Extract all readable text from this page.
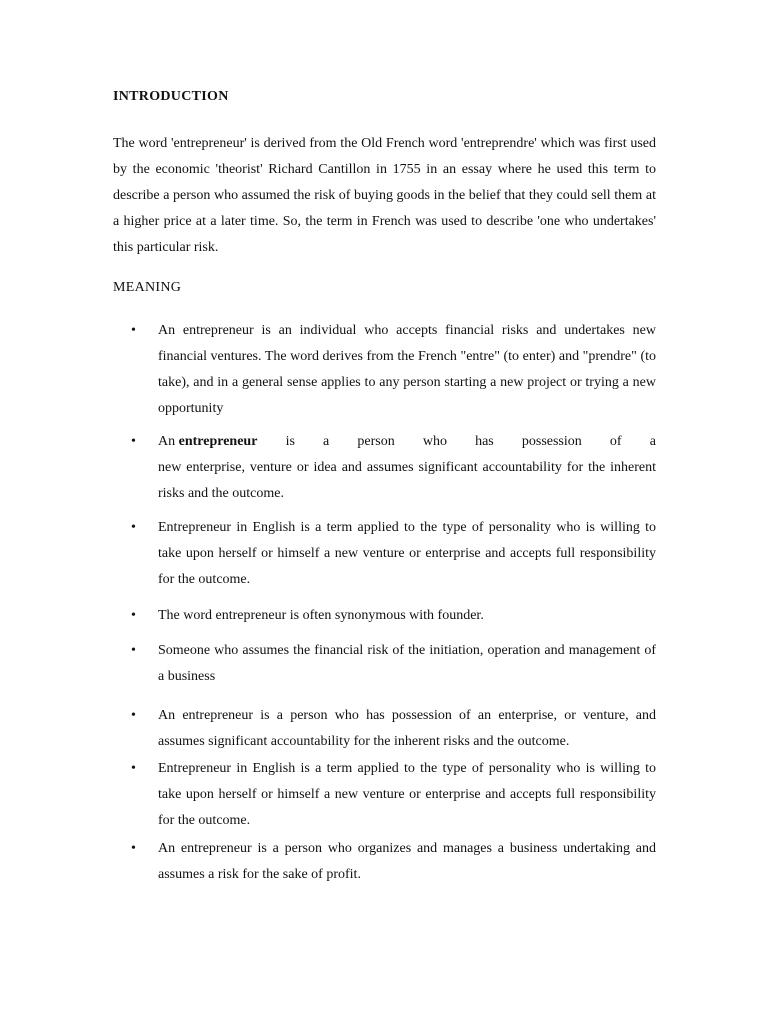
INTRODUCTION

The word 'entrepreneur' is derived from the Old French word 'entreprendre' which was first used by the economic 'theorist' Richard Cantillon in 1755 in an essay where he used this term to describe a person who assumed the risk of buying goods in the belief that they could sell them at a higher price at a later time. So, the term in French was used to describe 'one who undertakes' this particular risk.

MEANING
•	An entrepreneur is an individual who accepts financial risks and undertakes new financial ventures. The word derives from the French "entre" (to enter) and "prendre" (to take), and in a general sense applies to any person starting a new project or trying a new opportunity

•	An entrepreneur is a person who has possession of a
new enterprise, venture or idea and assumes significant accountability for the inherent risks and the outcome.
•	Entrepreneur in English is a term applied to the type of personality who is willing to take upon herself or himself a new venture or enterprise and accepts full responsibility for the outcome.

•	The word entrepreneur is often synonymous with founder.

•	Someone who assumes the financial risk of the initiation, operation and management of a business

•	An entrepreneur is a person who has possession of an enterprise, or venture, and assumes significant accountability for the inherent risks and the outcome.

•	Entrepreneur in English is a term applied to the type of personality who is willing to take upon herself or himself a new venture or enterprise and accepts full responsibility for the outcome.

•	An entrepreneur is a person who organizes and manages a business undertaking and assumes a risk for the sake of profit.
